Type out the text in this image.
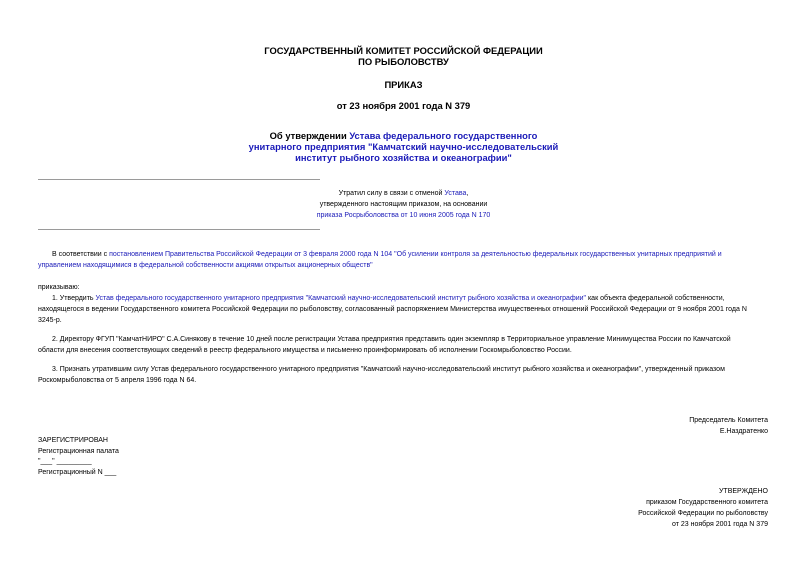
ГОСУДАРСТВЕННЫЙ КОМИТЕТ РОССИЙСКОЙ ФЕДЕРАЦИИ
ПО РЫБОЛОВСТВУ
ПРИКАЗ
от 23 ноября 2001 года N 379
Об утверждении Устава федерального государственного
унитарного предприятия "Камчатский научно-исследовательский
институт рыбного хозяйства и океанографии"
Утратил силу в связи с отменой Устава,
утвержденного настоящим приказом, на основании
приказа Росрыболовства от 10 июня 2005 года N 170
В соответствии с постановлением Правительства Российской Федерации от 3 февраля 2000 года N 104 "Об усилении контроля за деятельностью федеральных государственных унитарных предприятий и
управлением находящимися в федеральной собственности акциями открытых акционерных обществ"
приказываю:
1. Утвердить Устав федерального государственного унитарного предприятия "Камчатский научно-исследовательский институт рыбного хозяйства и океанографии" как объекта федеральной собственности,
находящегося в ведении Государственного комитета Российской Федерации по рыболовству, согласованный распоряжением Министерства имущественных отношений Российской Федерации от 9 ноября 2001 года N
3245-р.
2. Директору ФГУП "КамчатНИРО" С.А.Синякову в течение 10 дней после регистрации Устава предприятия представить один экземпляр в Территориальное управление Минимущества России по Камчатской
области для внесения соответствующих сведений в реестр федерального имущества и письменно проинформировать об исполнении Госкомрыболовство России.
3. Признать утратившим силу Устав федерального государственного унитарного предприятия "Камчатский научно-исследовательский институт рыбного хозяйства и океанографии", утвержденный приказом
Роскомрыболовства от 5 апреля 1996 года N 64.
Председатель Комитета
Е.Наздратенко
ЗАРЕГИСТРИРОВАН
Регистрационная палата
"___" _________
Регистрационный N ___
УТВЕРЖДЕНО
приказом Государственного комитета
Российской Федерации по рыболовству
от 23 ноября 2001 года N 379
